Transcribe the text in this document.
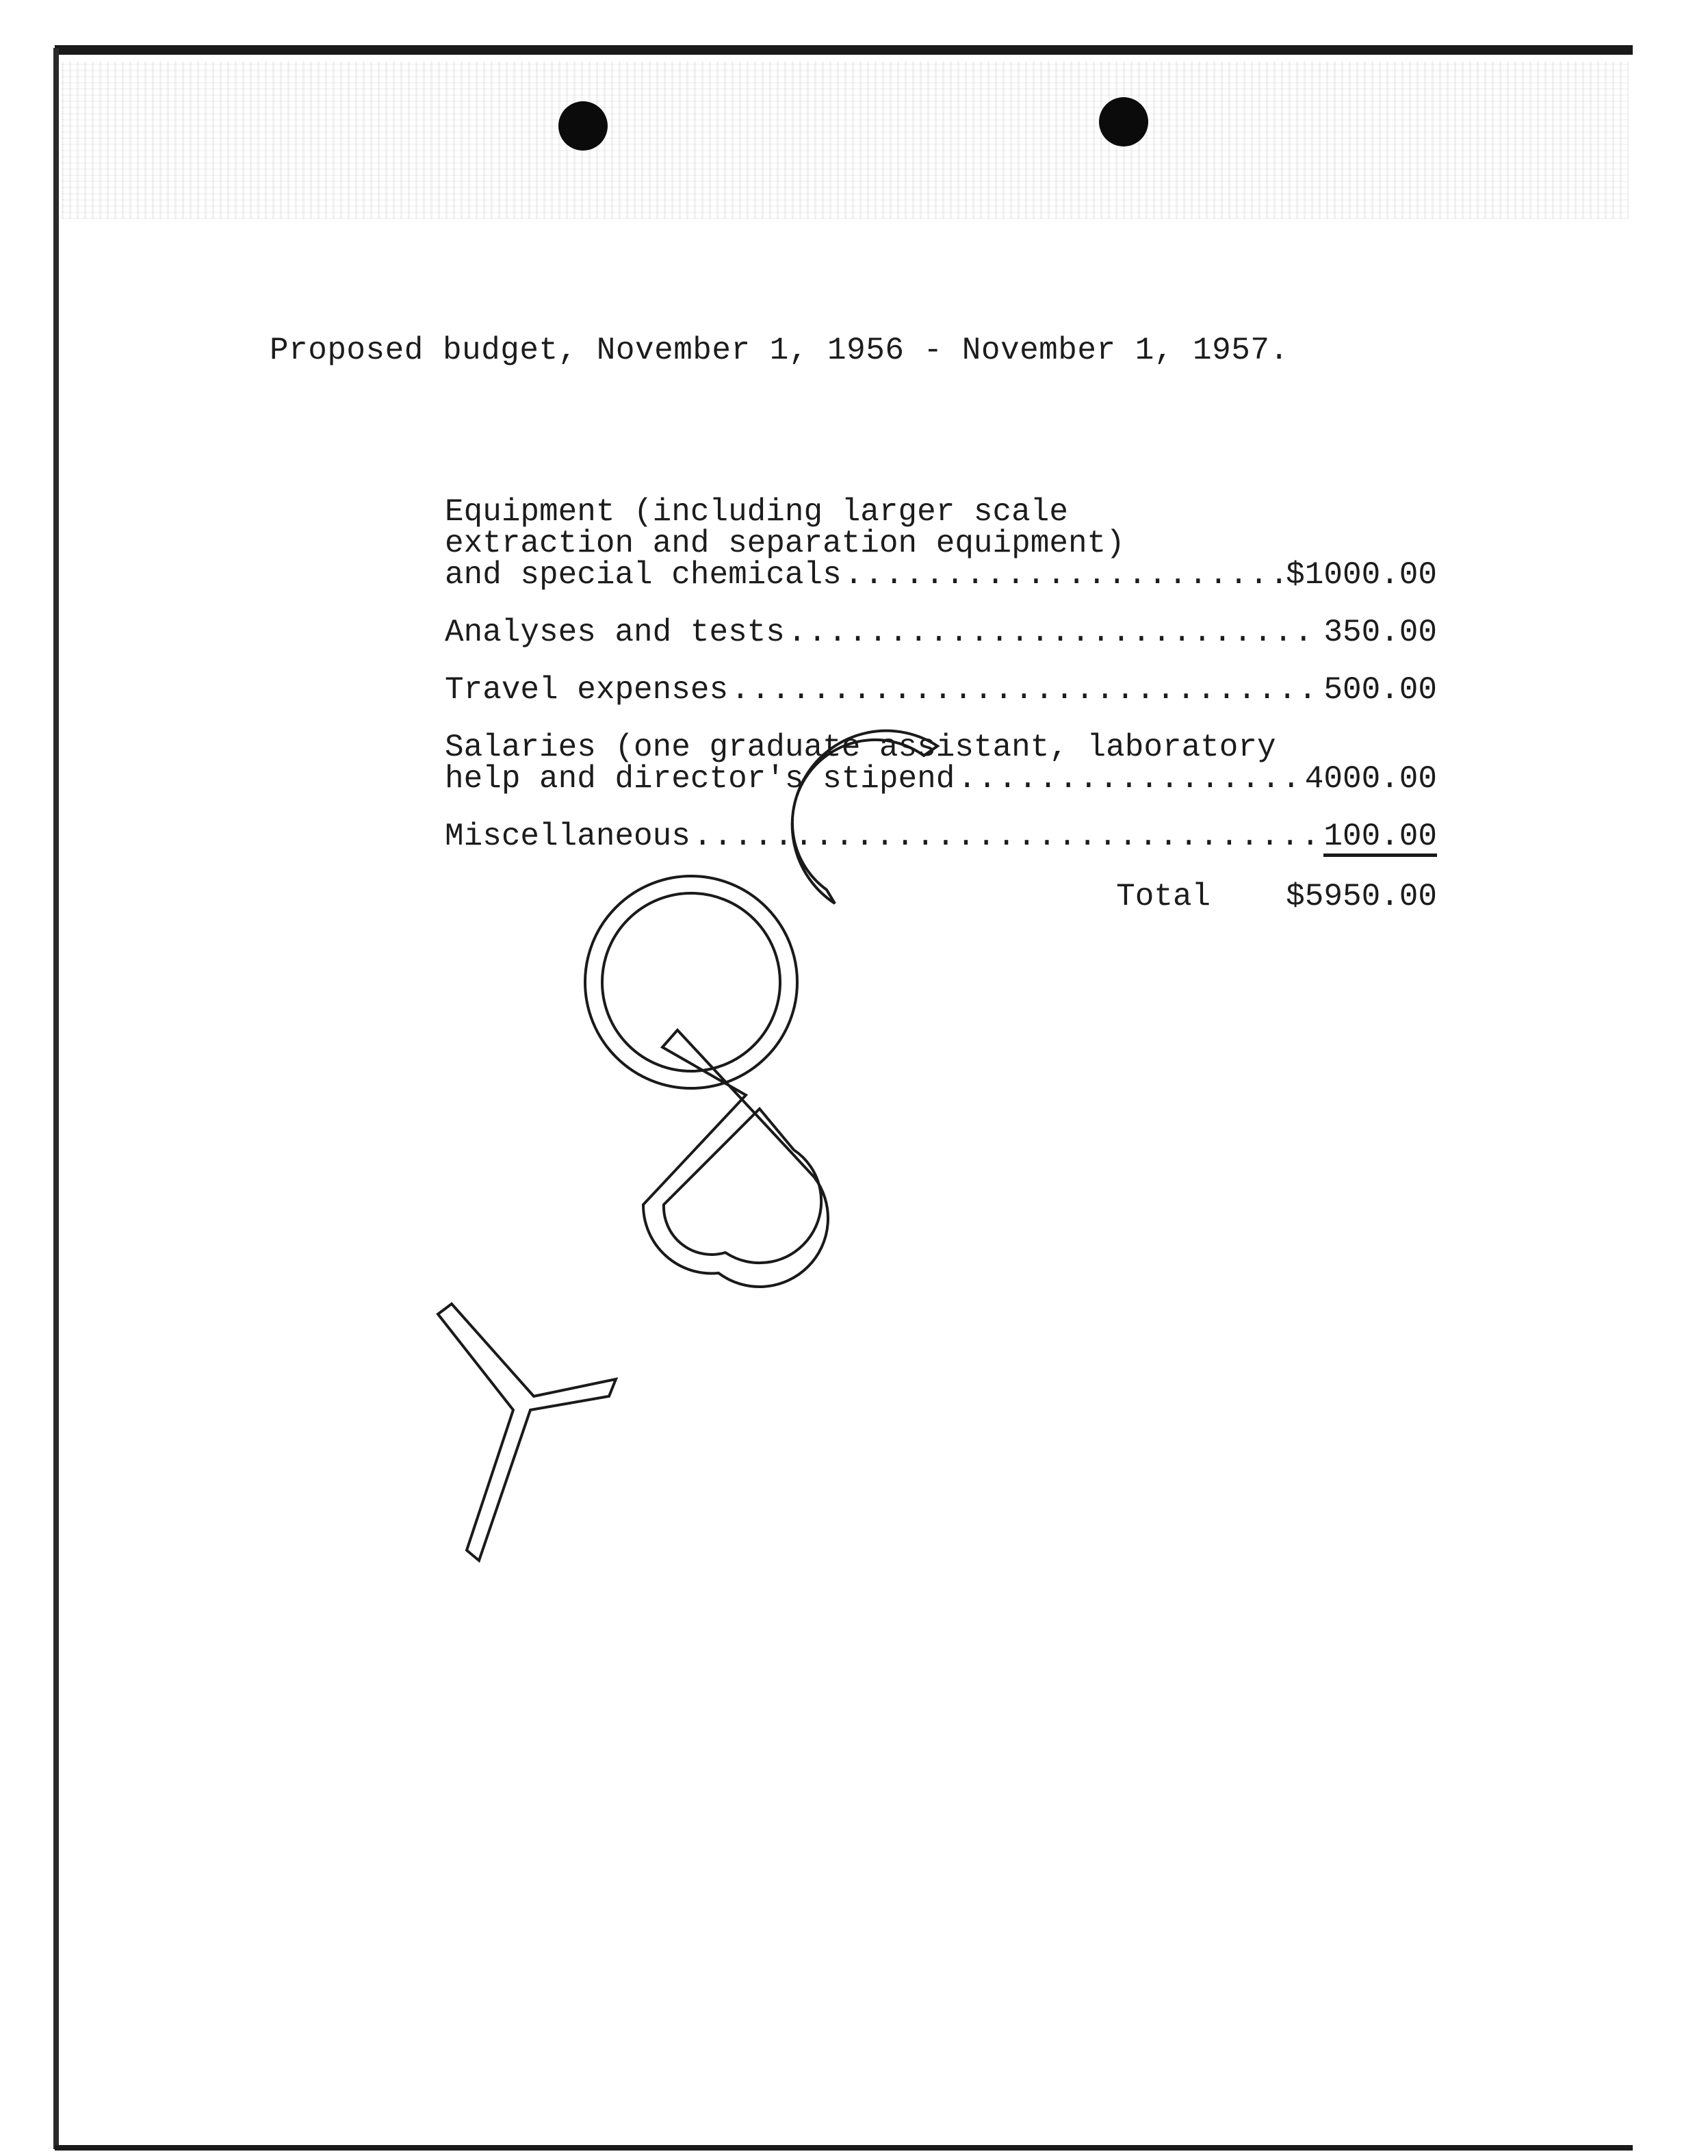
Proposed budget, November 1, 1956 - November 1, 1957.
Equipment (including larger scale
extraction and separation equipment)
and special chemicals .....	$1000.00
Analyses and tests .....	350.00
Travel expenses .....	500.00
Salaries (one graduate assistant, laboratory
help and director's stipend .....	4000.00
Miscellaneous .....	100.00
Total $5950.00
